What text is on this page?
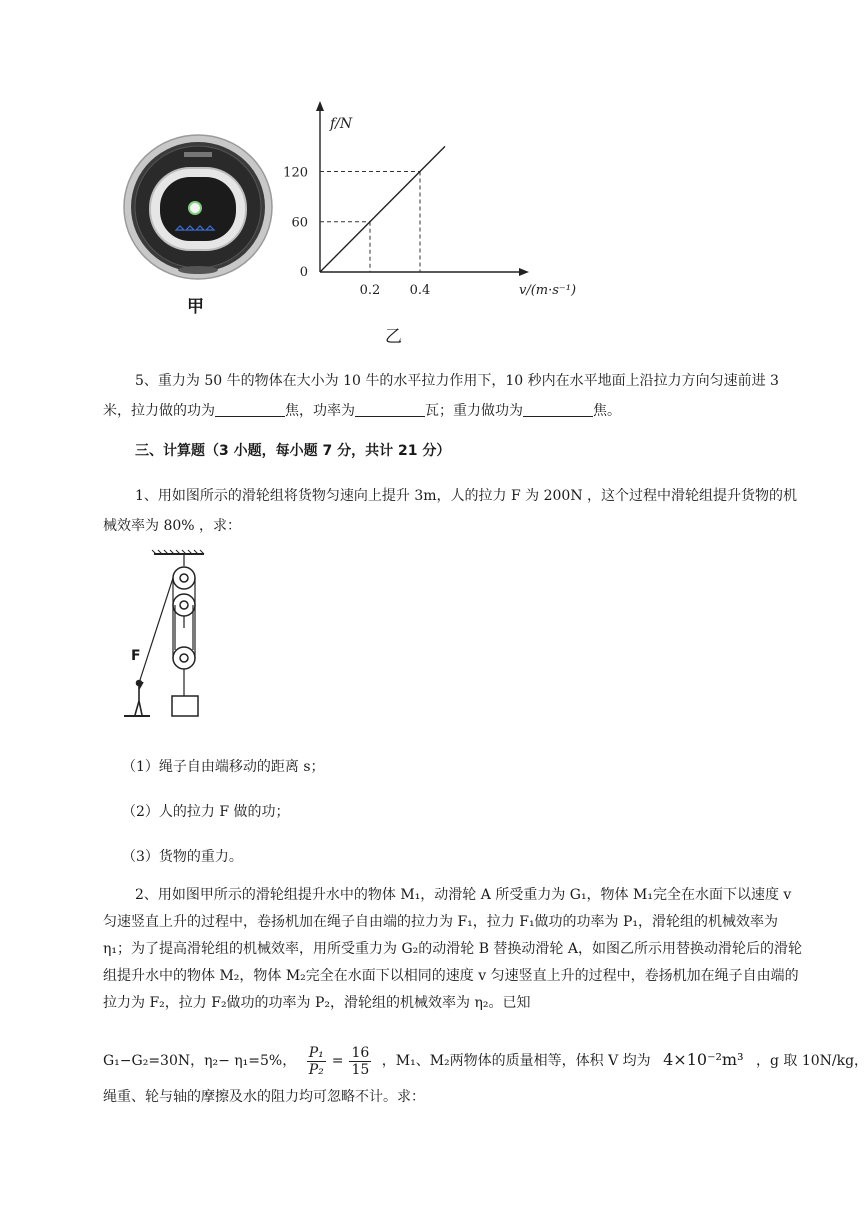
甲
0.2 0.4
60
120
0
f/N
v/(m·s⁻¹)
乙

5、重力为 50 牛的物体在大小为 10 牛的水平拉力作用下，10 秒内在水平地面上沿拉力方向匀速前进 3 米，拉力做的功为	焦，功率为	瓦；重力做功为	焦。

三、计算题（3 小题，每小题 7 分，共计 21 分）

1、用如图所示的滑轮组将货物匀速向上提升 3m，人的拉力 F 为 200N ，这个过程中滑轮组提升货物的机械效率为 80% ，求：

F
（1）绳子自由端移动的距离 s；
（2）人的拉力 F 做的功；
（3）货物的重力。

2、用如图甲所示的滑轮组提升水中的物体 M₁，动滑轮 A 所受重力为 G₁，物体 M₁完全在水面下以速度 v 匀速竖直上升的过程中，卷扬机加在绳子自由端的拉力为 F₁，拉力 F₁做功的功率为 P₁，滑轮组的机械效率为 η₁；为了提高滑轮组的机械效率，用所受重力为 G₂的动滑轮 B 替换动滑轮 A，如图乙所示用替换动滑轮后的滑轮组提升水中的物体 M₂，物体 M₂完全在水面下以相同的速度 v 匀速竖直上升的过程中，卷扬机加在绳子自由端的拉力为 F₂，拉力 F₂做功的功率为 P₂，滑轮组的机械效率为 η₂。已知

G₁−G₂=30N，η₂− η₁=5%， $\frac{\text{P₁}}{\text{P₂}} = \frac{16}{15}$ ，M₁、M₂两物体的质量相等，体积 V 均为 4×10⁻²m³ ，g 取 10N/kg，
绳重、轮与轴的摩擦及水的阻力均可忽略不计。求：
